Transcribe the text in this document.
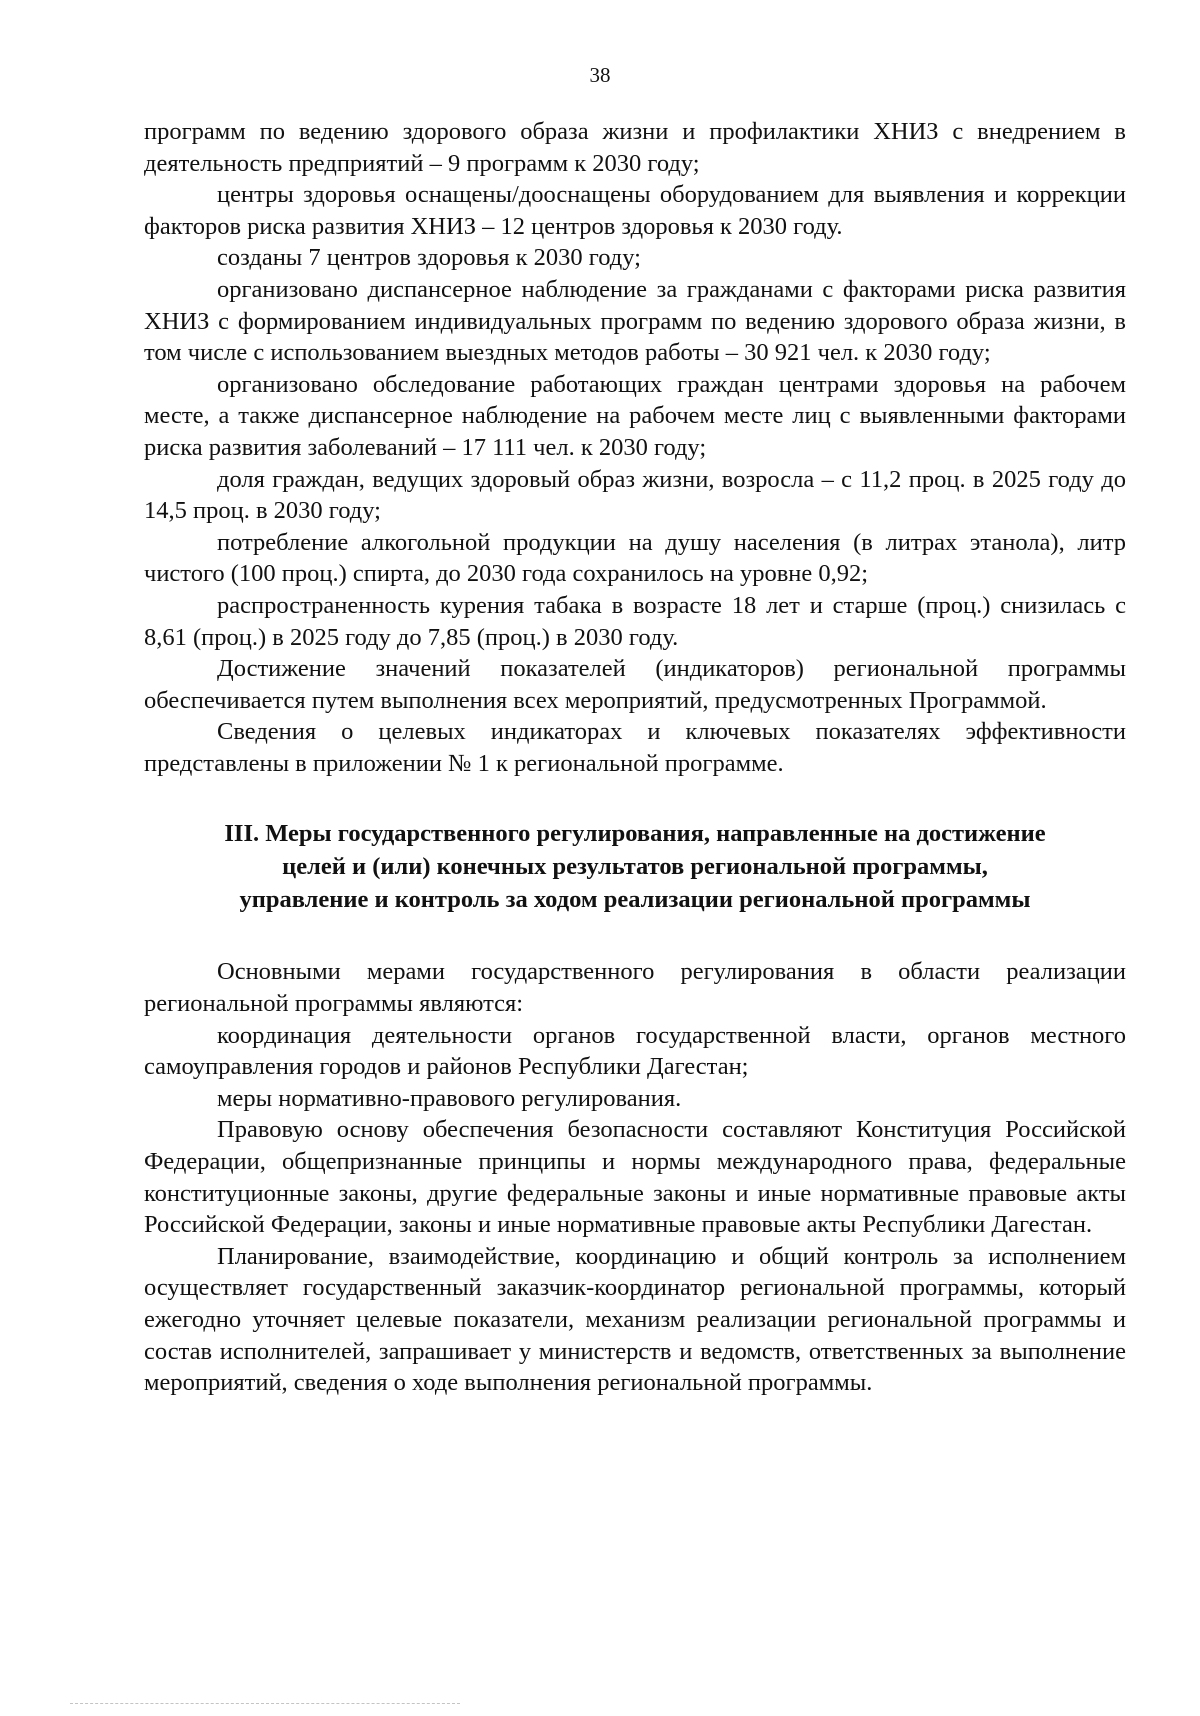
38

программ по ведению здорового образа жизни и профилактики ХНИЗ с внедрением в деятельность предприятий – 9 программ к 2030 году;

центры здоровья оснащены/дооснащены оборудованием для выявления и коррекции факторов риска развития ХНИЗ – 12 центров здоровья к 2030 году.

созданы 7 центров здоровья к 2030 году;

организовано диспансерное наблюдение за гражданами с факторами риска развития ХНИЗ с формированием индивидуальных программ по ведению здорового образа жизни, в том числе с использованием выездных методов работы – 30 921 чел. к 2030 году;

организовано обследование работающих граждан центрами здоровья на рабочем месте, а также диспансерное наблюдение на рабочем месте лиц с выявленными факторами риска развития заболеваний – 17 111 чел. к 2030 году;

доля граждан, ведущих здоровый образ жизни, возросла – с 11,2 проц. в 2025 году до 14,5 проц. в 2030 году;

потребление алкогольной продукции на душу населения (в литрах этанола), литр чистого (100 проц.) спирта, до 2030 года сохранилось на уровне 0,92;

распространенность курения табака в возрасте 18 лет и старше (проц.) снизилась с 8,61 (проц.) в 2025 году до 7,85 (проц.) в 2030 году.

Достижение значений показателей (индикаторов) региональной программы обеспечивается путем выполнения всех мероприятий, предусмотренных Программой.

Сведения о целевых индикаторах и ключевых показателях эффективности представлены в приложении № 1 к региональной программе.

III. Меры государственного регулирования, направленные на достижение
целей и (или) конечных результатов региональной программы,
управление и контроль за ходом реализации региональной программы

Основными мерами государственного регулирования в области реализации региональной программы являются:

координация деятельности органов государственной власти, органов местного самоуправления городов и районов Республики Дагестан;

меры нормативно-правового регулирования.

Правовую основу обеспечения безопасности составляют Конституция Российской Федерации, общепризнанные принципы и нормы международного права, федеральные конституционные законы, другие федеральные законы и иные нормативные правовые акты Российской Федерации, законы и иные нормативные правовые акты Республики Дагестан.

Планирование, взаимодействие, координацию и общий контроль за исполнением осуществляет государственный заказчик-координатор региональной программы, который ежегодно уточняет целевые показатели, механизм реализации региональной программы и состав исполнителей, запрашивает у министерств и ведомств, ответственных за выполнение мероприятий, сведения о ходе выполнения региональной программы.
